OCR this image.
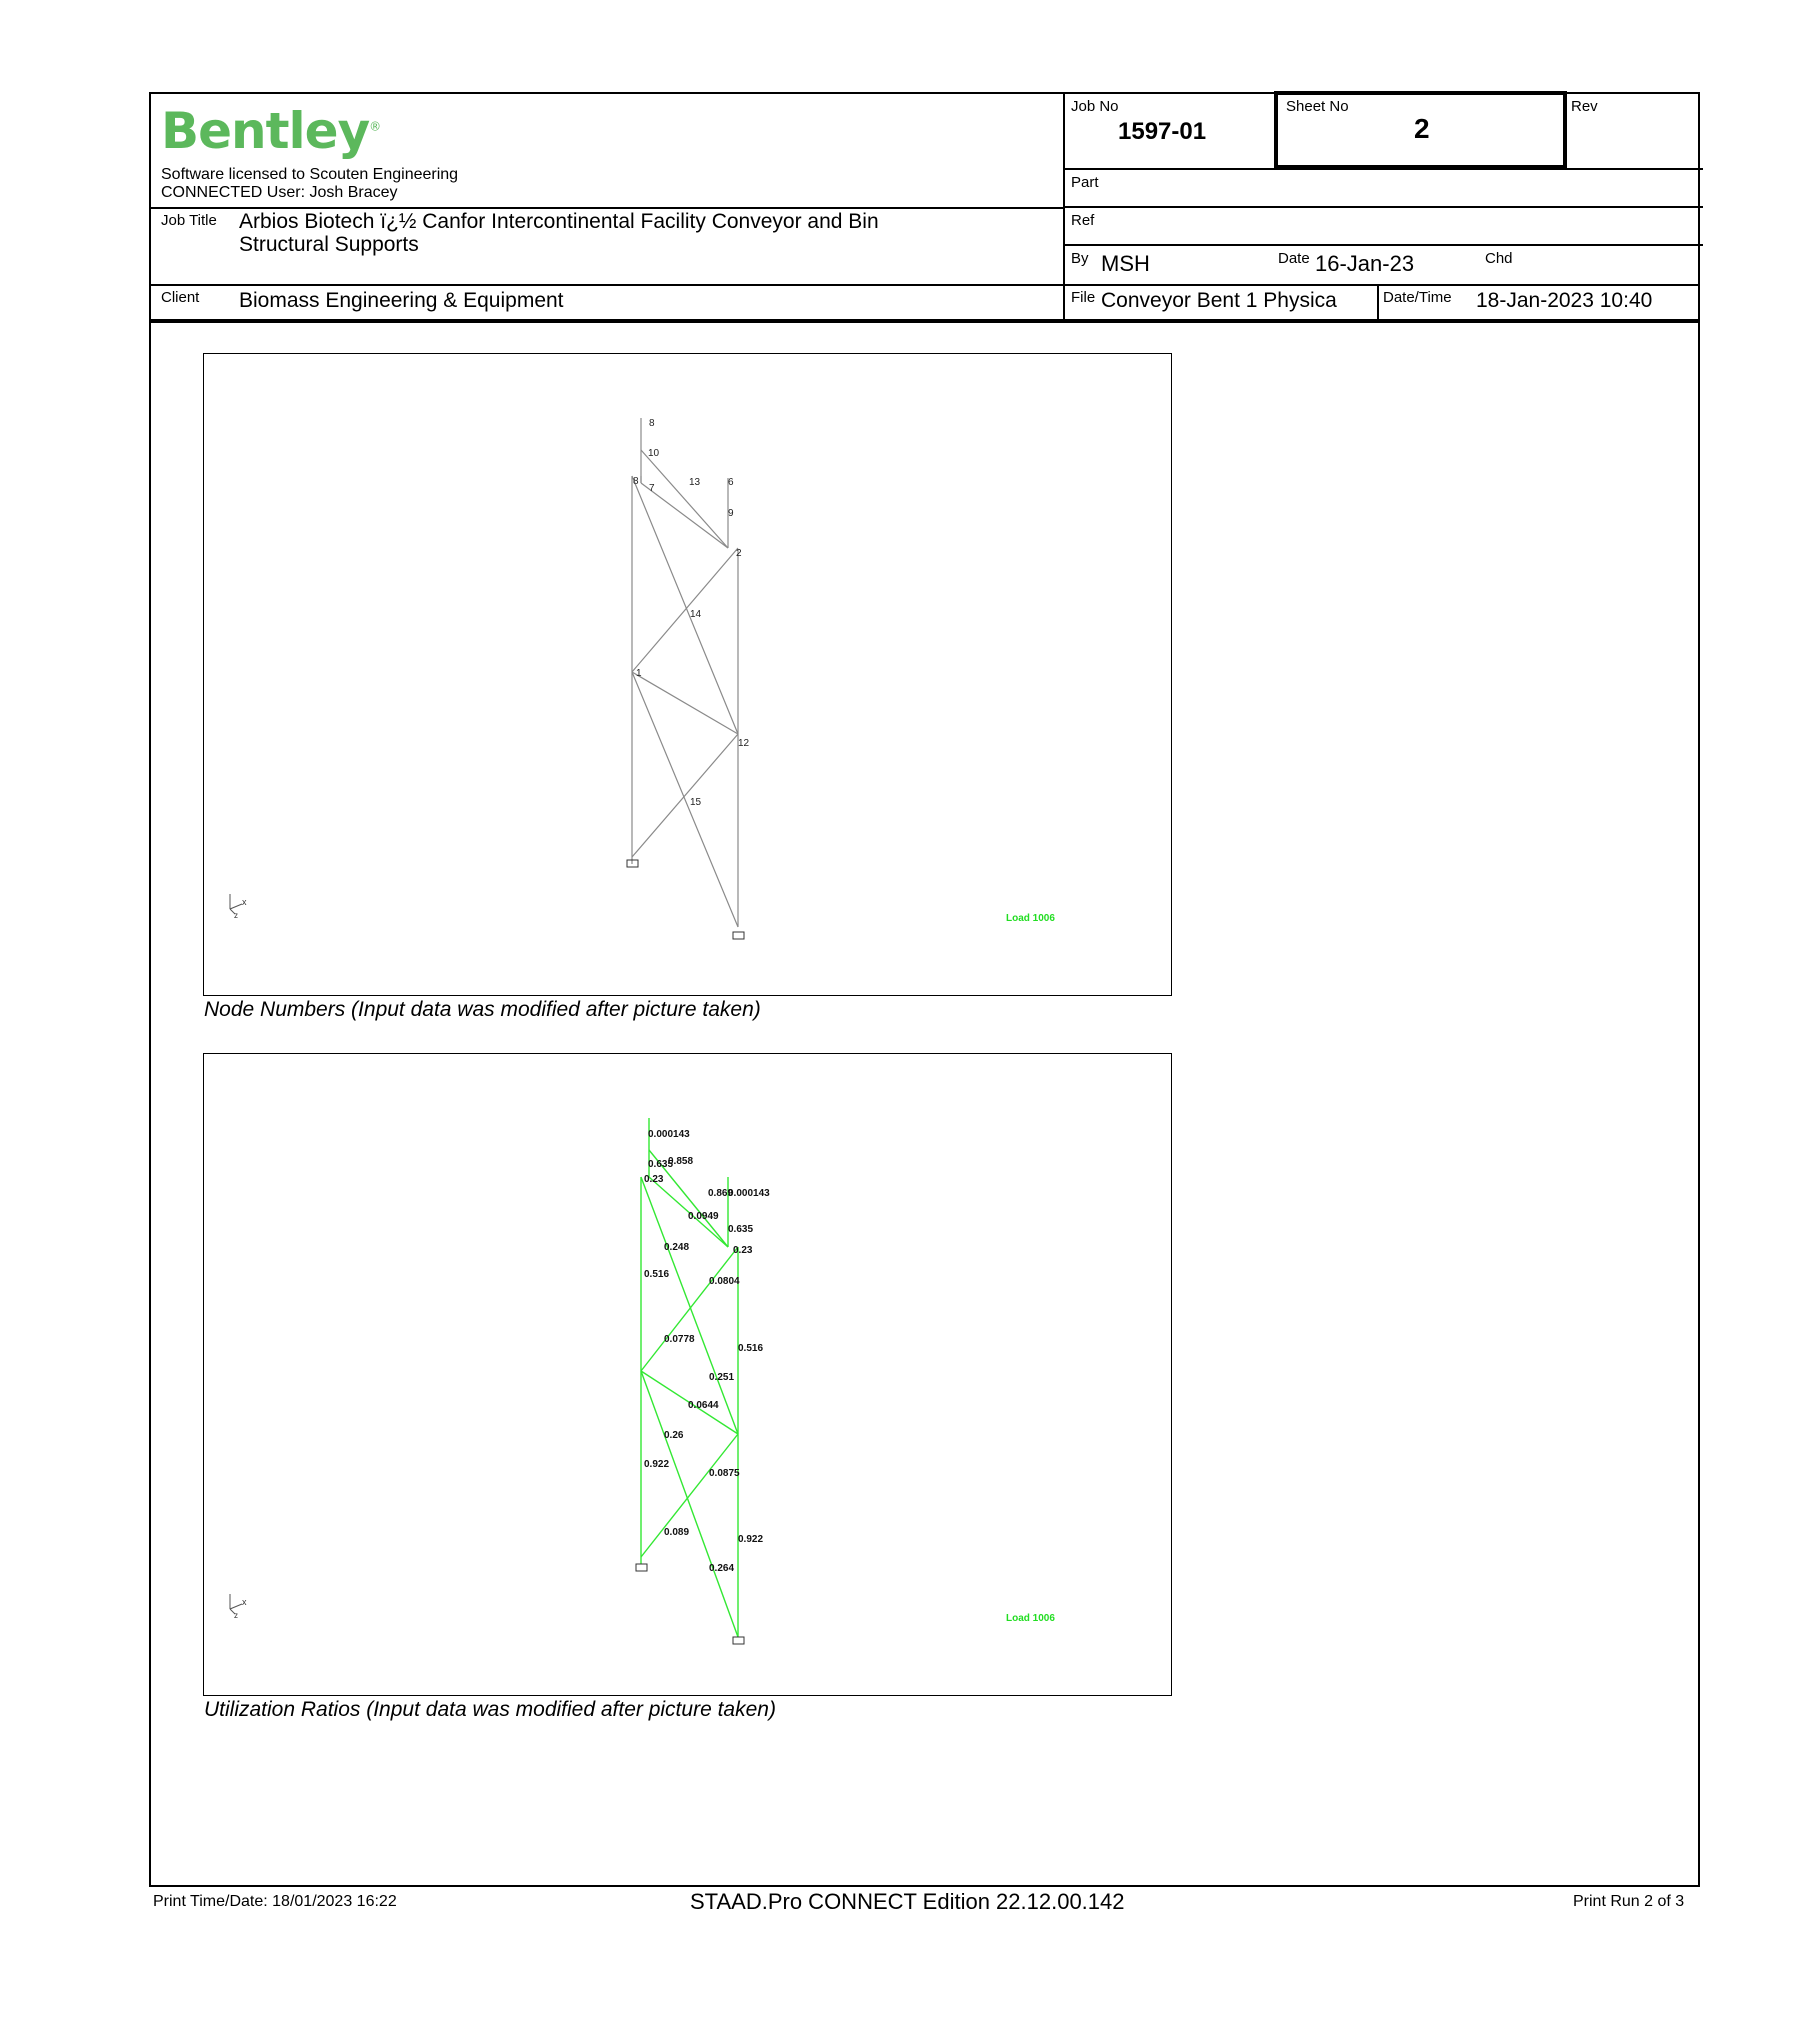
Bentley®
Software licensed to Scouten Engineering
CONNECTED User: Josh Bracey
Job No
1597-01
Sheet No
2
Rev
Part
Ref
By MSH	Date 16-Jan-23	Chd
Job Title Arbios Biotech ï¿½ Canfor Intercontinental Facility Conveyor and Bin
Structural Supports
Client Biomass Engineering & Equipment	File Conveyor Bent 1 Physica	Date/Time 18-Jan-2023 10:40
8
10
13	6
8
7
9
2
14
1
12
15
x
z	Load 1006
Node Numbers (Input data was modified after picture taken)
0.000143
0.635
0.858
0.23
0.869
0.000143
0.0949
0.635
0.248	0.23
0.516
0.0804
0.0778
0.516
0.251
0.0644
0.26
0.922
0.0875
0.089
0.922
0.264
x
z	Load 1006
Utilization Ratios (Input data was modified after picture taken)
Print Time/Date: 18/01/2023 16:22	STAAD.Pro CONNECT Edition 22.12.00.142	Print Run 2 of 3
